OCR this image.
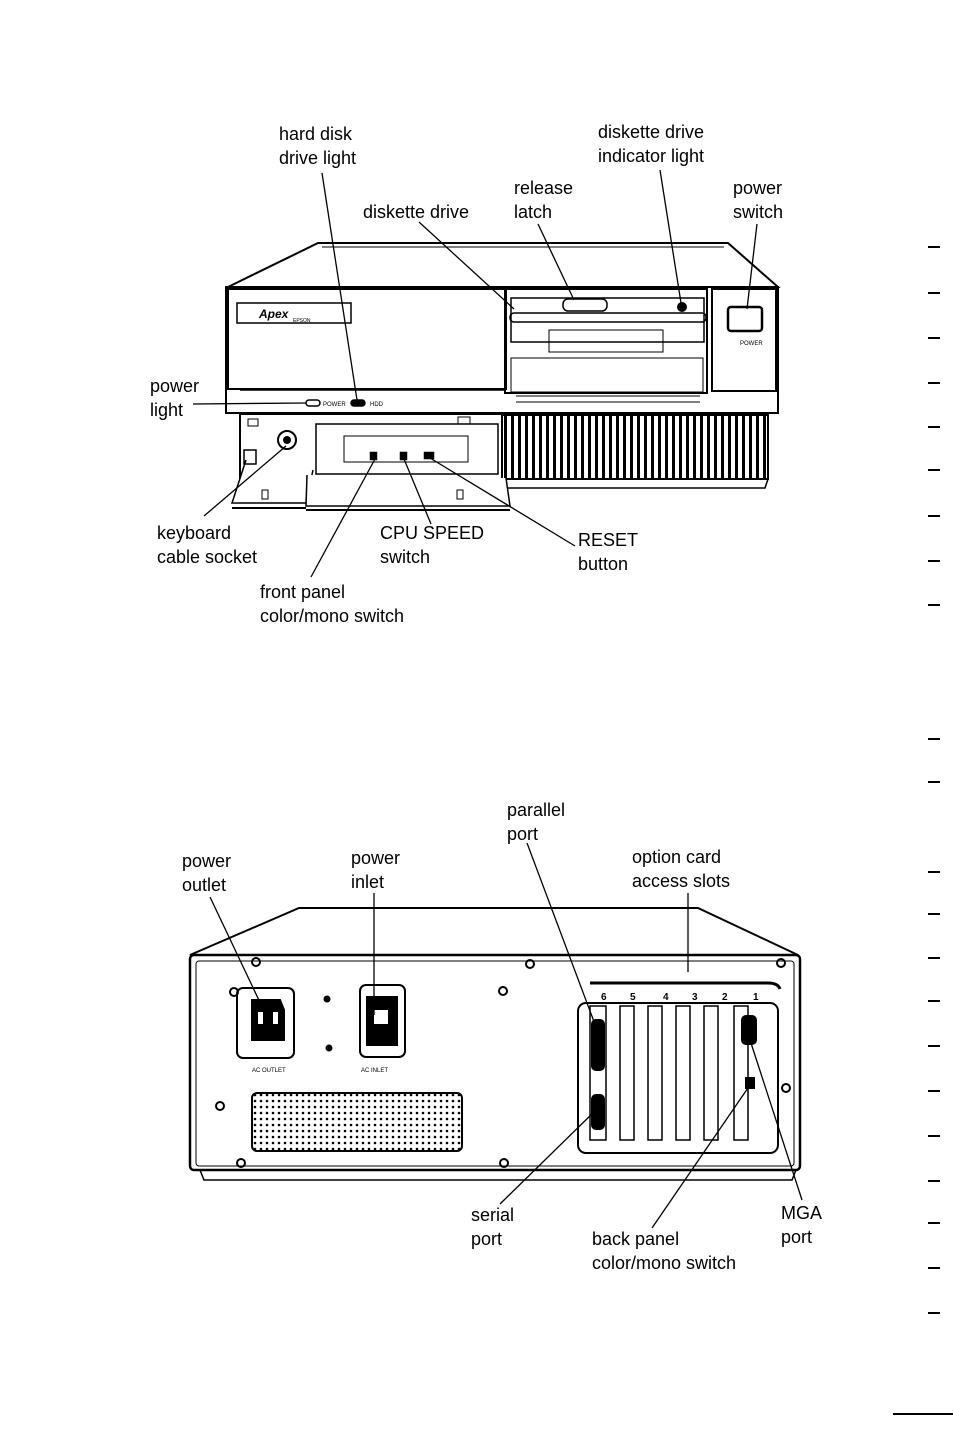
6 5	4 3 2	1
Apex EPSON
POWER	HDD
POWER
AC OUTLET	AC INLET
hard disk
drive light
diskette drive
indicator light
release
latch
power
switch
diskette drive
power
light
keyboard
cable socket
CPU SPEED
switch
RESET
button
front panel
color/mono switch
parallel
port
power
outlet
power
inlet
option card
access slots
serial
port	back panel
color/mono switch
MGA
port
